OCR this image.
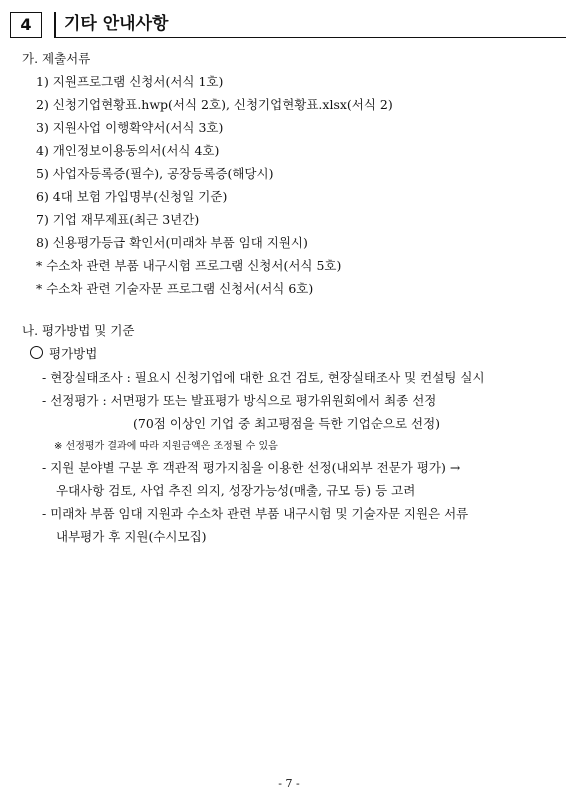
4	기타 안내사항
가. 제출서류
1) 지원프로그램 신청서(서식 1호)
2) 신청기업현황표.hwp(서식 2호), 신청기업현황표.xlsx(서식 2)
3) 지원사업 이행확약서(서식 3호)
4) 개인정보이용동의서(서식 4호)
5) 사업자등록증(필수), 공장등록증(해당시)
6) 4대 보험 가입명부(신청일 기준)
7) 기업 재무제표(최근 3년간)
8) 신용평가등급 확인서(미래차 부품 임대 지원시)
* 수소차 관련 부품 내구시험 프로그램 신청서(서식 5호)
* 수소차 관련 기술자문 프로그램 신청서(서식 6호)
나. 평가방법 및 기준
평가방법
- 현장실태조사 : 필요시 신청기업에 대한 요건 검토, 현장실태조사 및 컨설팅 실시
- 선정평가 : 서면평가 또는 발표평가 방식으로 평가위원회에서 최종 선정
(70점 이상인 기업 중 최고평점을 득한 기업순으로 선정)
※ 선정평가 결과에 따라 지원금액은 조정될 수 있음
- 지원 분야별 구분 후 객관적 평가지침을 이용한 선정(내외부 전문가 평가) →
우대사항 검토, 사업 추진 의지, 성장가능성(매출, 규모 등) 등 고려
- 미래차 부품 임대 지원과 수소차 관련 부품 내구시험 및 기술자문 지원은 서류
내부평가 후 지원(수시모집)
- 7 -
